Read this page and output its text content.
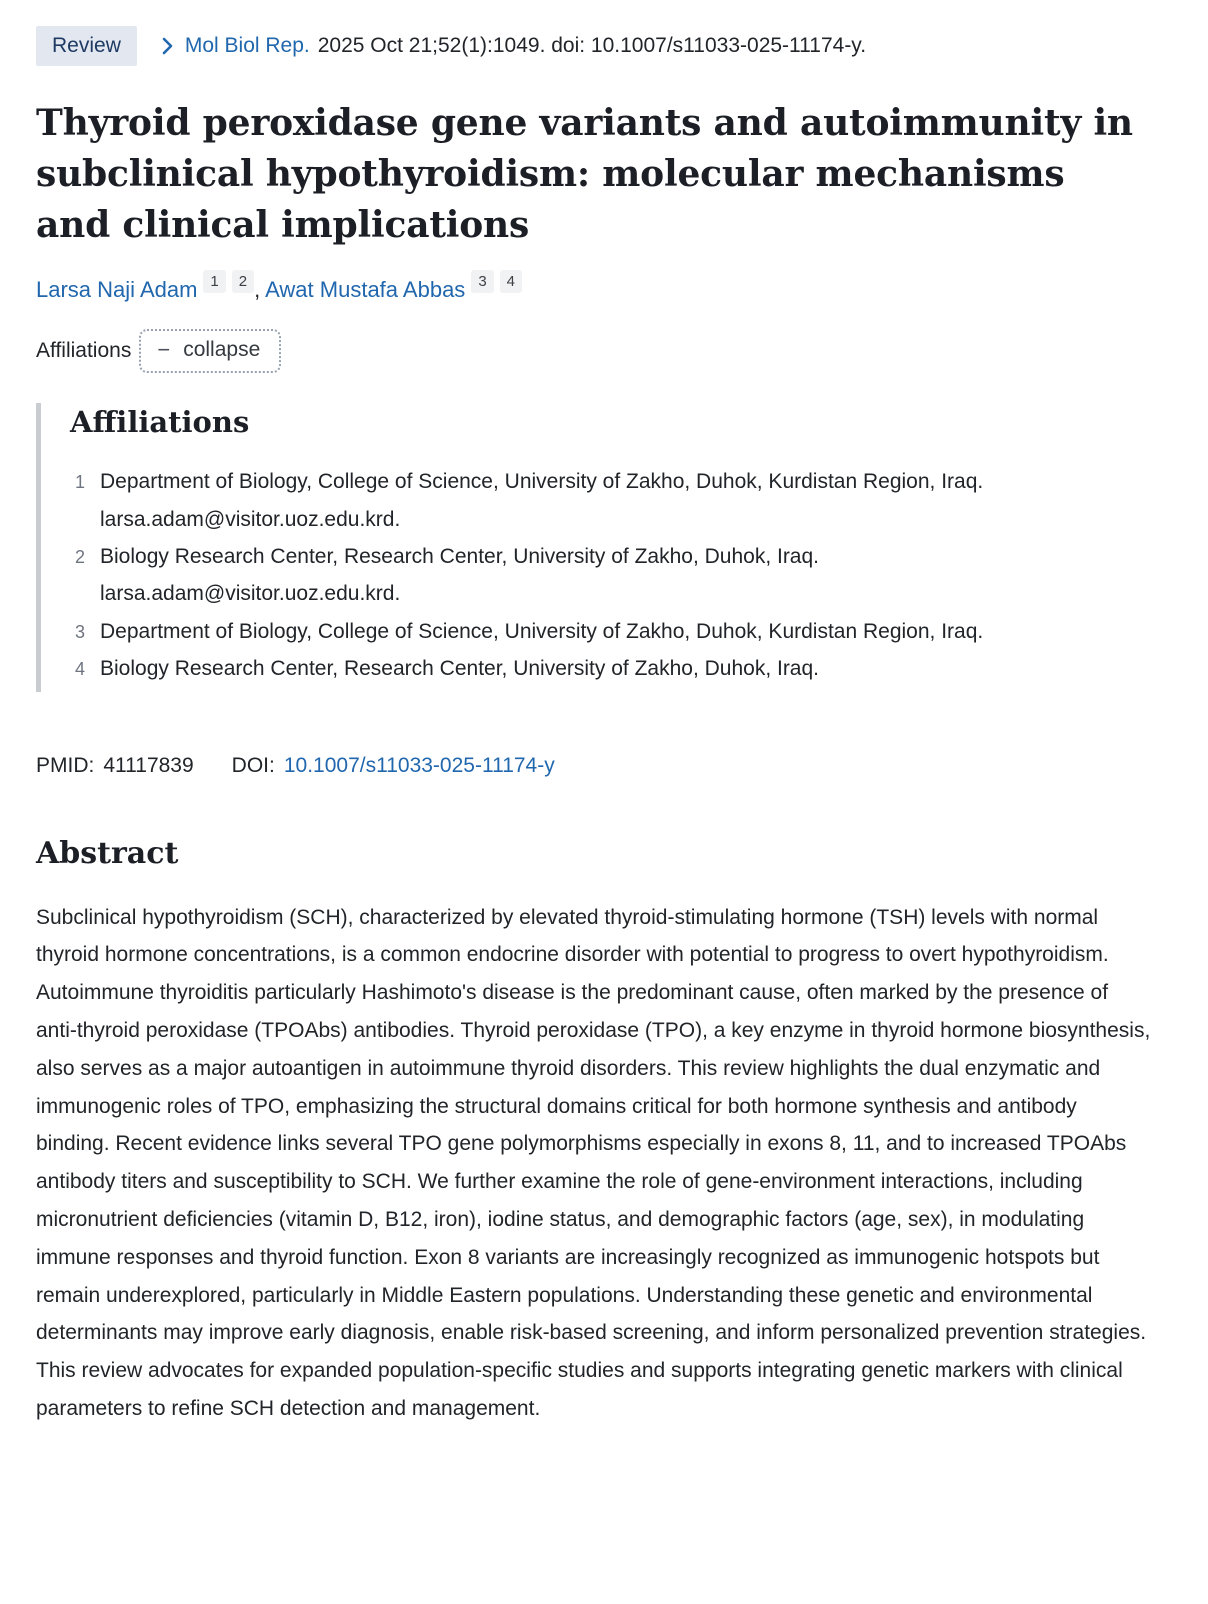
Review	Mol Biol Rep. 2025 Oct 21;52(1):1049. doi: 10.1007/s11033-025-11174-y.
Thyroid peroxidase gene variants and autoimmunity in subclinical hypothyroidism: molecular mechanisms and clinical implications
Larsa Naji Adam 1 2 , Awat Mustafa Abbas 3 4
Affiliations − collapse
Affiliations
1 Department of Biology, College of Science, University of Zakho, Duhok, Kurdistan Region, Iraq. larsa.adam@visitor.uoz.edu.krd.
2 Biology Research Center, Research Center, University of Zakho, Duhok, Iraq. larsa.adam@visitor.uoz.edu.krd.
3 Department of Biology, College of Science, University of Zakho, Duhok, Kurdistan Region, Iraq.
4 Biology Research Center, Research Center, University of Zakho, Duhok, Iraq.
PMID: 41117839 DOI: 10.1007/s11033-025-11174-y
Abstract

Subclinical hypothyroidism (SCH), characterized by elevated thyroid-stimulating hormone (TSH) levels with normal thyroid hormone concentrations, is a common endocrine disorder with potential to progress to overt hypothyroidism. Autoimmune thyroiditis particularly Hashimoto's disease is the predominant cause, often marked by the presence of anti-thyroid peroxidase (TPOAbs) antibodies. Thyroid peroxidase (TPO), a key enzyme in thyroid hormone biosynthesis, also serves as a major autoantigen in autoimmune thyroid disorders. This review highlights the dual enzymatic and immunogenic roles of TPO, emphasizing the structural domains critical for both hormone synthesis and antibody binding. Recent evidence links several TPO gene polymorphisms especially in exons 8, 11, and to increased TPOAbs antibody titers and susceptibility to SCH. We further examine the role of gene-environment interactions, including micronutrient deficiencies (vitamin D, B12, iron), iodine status, and demographic factors (age, sex), in modulating immune responses and thyroid function. Exon 8 variants are increasingly recognized as immunogenic hotspots but remain underexplored, particularly in Middle Eastern populations. Understanding these genetic and environmental determinants may improve early diagnosis, enable risk-based screening, and inform personalized prevention strategies. This review advocates for expanded population-specific studies and supports integrating genetic markers with clinical parameters to refine SCH detection and management.
